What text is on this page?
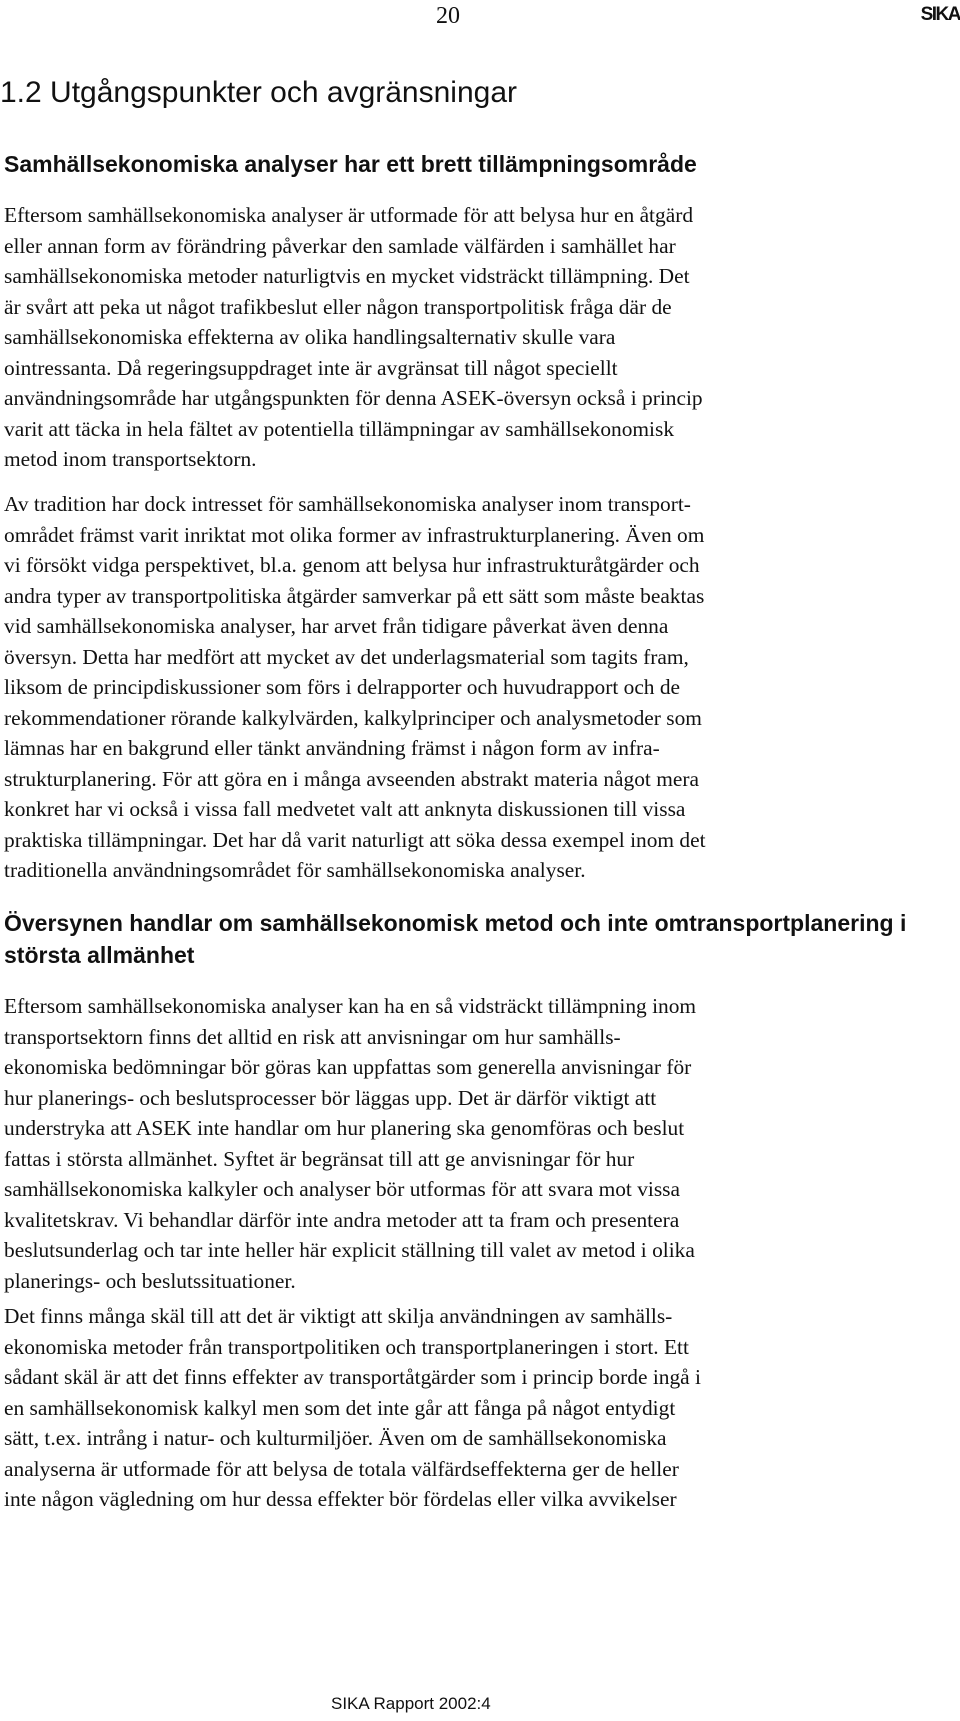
20	SIKA
1.2 Utgångspunkter och avgränsningar
Samhällsekonomiska analyser har ett brett tillämpningsområde

Eftersom samhällsekonomiska analyser är utformade för att belysa hur en åtgärd
eller annan form av förändring påverkar den samlade välfärden i samhället har
samhällsekonomiska metoder naturligtvis en mycket vidsträckt tillämpning. Det
är svårt att peka ut något trafikbeslut eller någon transportpolitisk fråga där de
samhällsekonomiska effekterna av olika handlingsalternativ skulle vara
ointressanta. Då regeringsuppdraget inte är avgränsat till något speciellt
användningsområde har utgångspunkten för denna ASEK-översyn också i princip
varit att täcka in hela fältet av potentiella tillämpningar av samhällsekonomisk
metod inom transportsektorn.

Av tradition har dock intresset för samhällsekonomiska analyser inom transport-
området främst varit inriktat mot olika former av infrastrukturplanering. Även om
vi försökt vidga perspektivet, bl.a. genom att belysa hur infrastrukturåtgärder och
andra typer av transportpolitiska åtgärder samverkar på ett sätt som måste beaktas
vid samhällsekonomiska analyser, har arvet från tidigare påverkat även denna
översyn. Detta har medfört att mycket av det underlagsmaterial som tagits fram,
liksom de principdiskussioner som förs i delrapporter och huvudrapport och de
rekommendationer rörande kalkylvärden, kalkylprinciper och analysmetoder som
lämnas har en bakgrund eller tänkt användning främst i någon form av infra-
strukturplanering. För att göra en i många avseenden abstrakt materia något mera
konkret har vi också i vissa fall medvetet valt att anknyta diskussionen till vissa
praktiska tillämpningar. Det har då varit naturligt att söka dessa exempel inom det
traditionella användningsområdet för samhällsekonomiska analyser.

Översynen handlar om samhällsekonomisk metod och inte omtransportplanering i största allmänhet

Eftersom samhällsekonomiska analyser kan ha en så vidsträckt tillämpning inom
transportsektorn finns det alltid en risk att anvisningar om hur samhälls-
ekonomiska bedömningar bör göras kan uppfattas som generella anvisningar för
hur planerings- och beslutsprocesser bör läggas upp. Det är därför viktigt att
understryka att ASEK inte handlar om hur planering ska genomföras och beslut
fattas i största allmänhet. Syftet är begränsat till att ge anvisningar för hur
samhällsekonomiska kalkyler och analyser bör utformas för att svara mot vissa
kvalitetskrav. Vi behandlar därför inte andra metoder att ta fram och presentera
beslutsunderlag och tar inte heller här explicit ställning till valet av metod i olika
planerings- och beslutssituationer.

Det finns många skäl till att det är viktigt att skilja användningen av samhälls-
ekonomiska metoder från transportpolitiken och transportplaneringen i stort. Ett
sådant skäl är att det finns effekter av transportåtgärder som i princip borde ingå i
en samhällsekonomisk kalkyl men som det inte går att fånga på något entydigt
sätt, t.ex. intrång i natur- och kulturmiljöer. Även om de samhällsekonomiska
analyserna är utformade för att belysa de totala välfärdseffekterna ger de heller
inte någon vägledning om hur dessa effekter bör fördelas eller vilka avvikelser

SIKA Rapport 2002:4
